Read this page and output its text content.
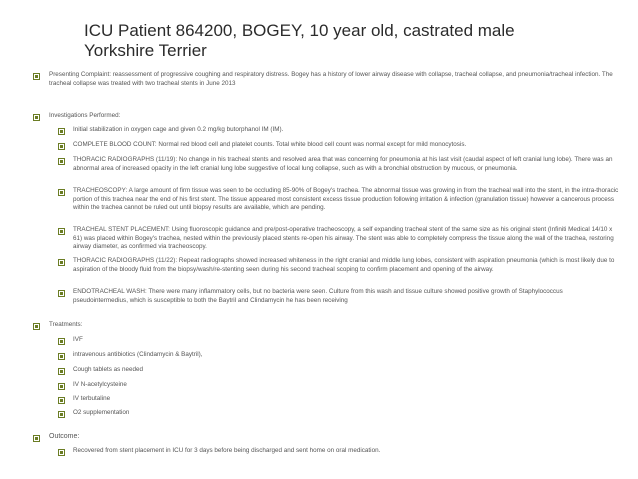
ICU Patient 864200, BOGEY, 10 year old, castrated male
Yorkshire Terrier
Presenting Complaint: reassessment of progressive coughing and respiratory distress. Bogey has a history of lower airway disease with collapse, tracheal collapse, and pneumonia/tracheal infection. The tracheal collapse was treated with two tracheal stents in June 2013
Investigations Performed:
Initial stabilization in oxygen cage and given 0.2 mg/kg butorphanol IM (IM).
COMPLETE BLOOD COUNT: Normal red blood cell and platelet counts. Total white blood cell count was normal except for mild monocytosis.
THORACIC RADIOGRAPHS (11/19): No change in his tracheal stents and resolved area that was concerning for pneumonia at his last visit (caudal aspect of left cranial lung lobe). There was an abnormal area of increased opacity in the left cranial lung lobe suggestive of local lung collapse, such as with a bronchial obstruction by mucous, or pneumonia.
TRACHEOSCOPY: A large amount of firm tissue was seen to be occluding 85-90% of Bogey's trachea. The abnormal tissue was growing in from the tracheal wall into the stent, in the intra-thoracic portion of this trachea near the end of his first stent. The tissue appeared most consistent excess tissue production following irritation & infection (granulation tissue) however a cancerous process within the trachea cannot be ruled out until biopsy results are available, which are pending.
TRACHEAL STENT PLACEMENT: Using fluoroscopic guidance and pre/post-operative tracheoscopy, a self expanding tracheal stent of the same size as his original stent (Infiniti Medical 14/10 x 61) was placed within Bogey's trachea, nested within the previously placed stents re-open his airway. The stent was able to completely compress the tissue along the wall of the trachea, restoring airway diameter, as confirmed via tracheoscopy.
THORACIC RADIOGRAPHS (11/22): Repeat radiographs showed increased whiteness in the right cranial and middle lung lobes, consistent with aspiration pneumonia (which is most likely due to aspiration of the bloody fluid from the biopsy/wash/re-stenting seen during his second tracheal scoping to confirm placement and opening of the airway.
ENDOTRACHEAL WASH: There were many inflammatory cells, but no bacteria were seen. Culture from this wash and tissue culture showed positive growth of Staphylococcus pseudointermedius, which is susceptible to both the Baytril and Clindamycin he has been receiving
Treatments:
IVF
intravenous antibiotics (Clindamycin & Baytril),
Cough tablets as needed
IV N-acetylcysteine
IV terbutaline
O2 supplementation
Outcome:
Recovered from stent placement in ICU for 3 days before being discharged and sent home on oral medication.
